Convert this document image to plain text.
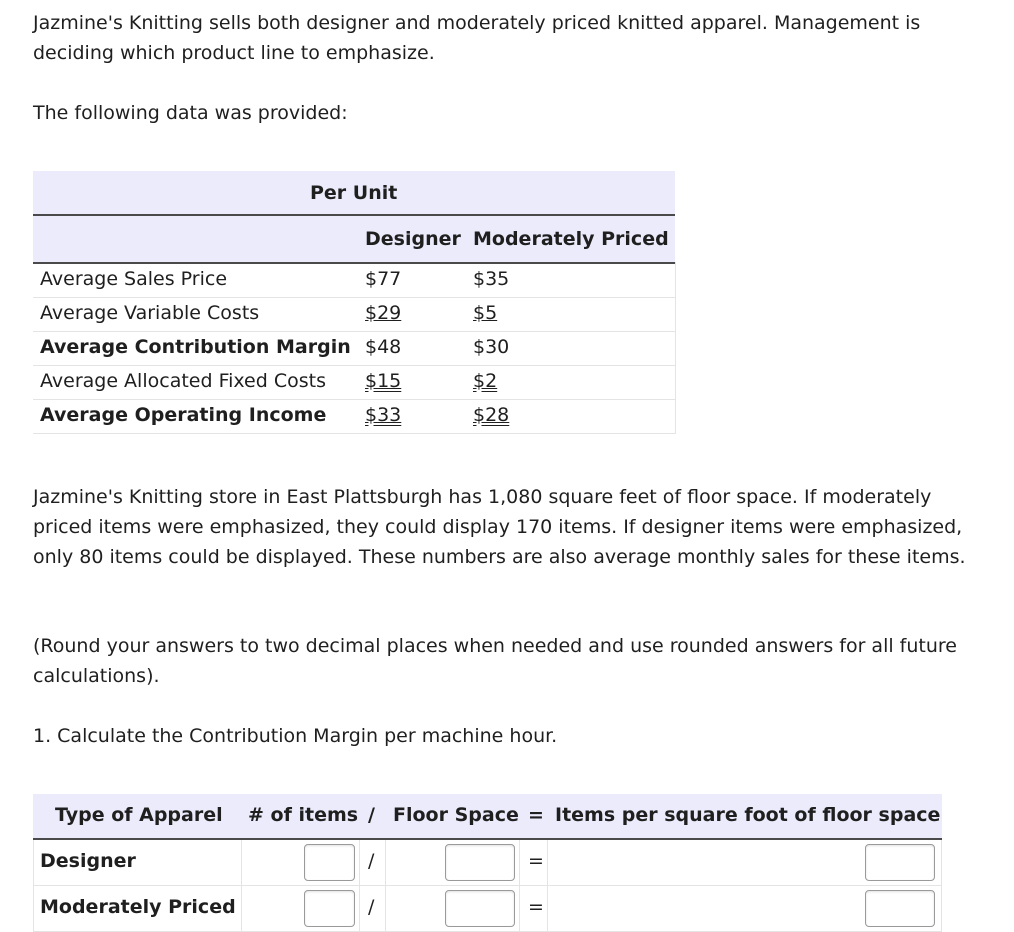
Jazmine's Knitting sells both designer and moderately priced knitted apparel. Management is deciding which product line to emphasize.

The following data was provided:

Per Unit
Designer Moderately Priced
Average Sales Price	$77	$35
Average Variable Costs	$29	$5
Average Contribution Margin $48	$30
Average Allocated Fixed Costs $15	$2
Average Operating Income $33	$28

Jazmine's Knitting store in East Plattsburgh has 1,080 square feet of floor space. If moderately priced items were emphasized, they could display 170 items. If designer items were emphasized, only 80 items could be displayed. These numbers are also average monthly sales for these items.

(Round your answers to two decimal places when needed and use rounded answers for all future calculations).

1. Calculate the Contribution Margin per machine hour.

Type of Apparel # of items / Floor Space = Items per square foot of floor space
Designer	/	=
Moderately Priced	/	=
